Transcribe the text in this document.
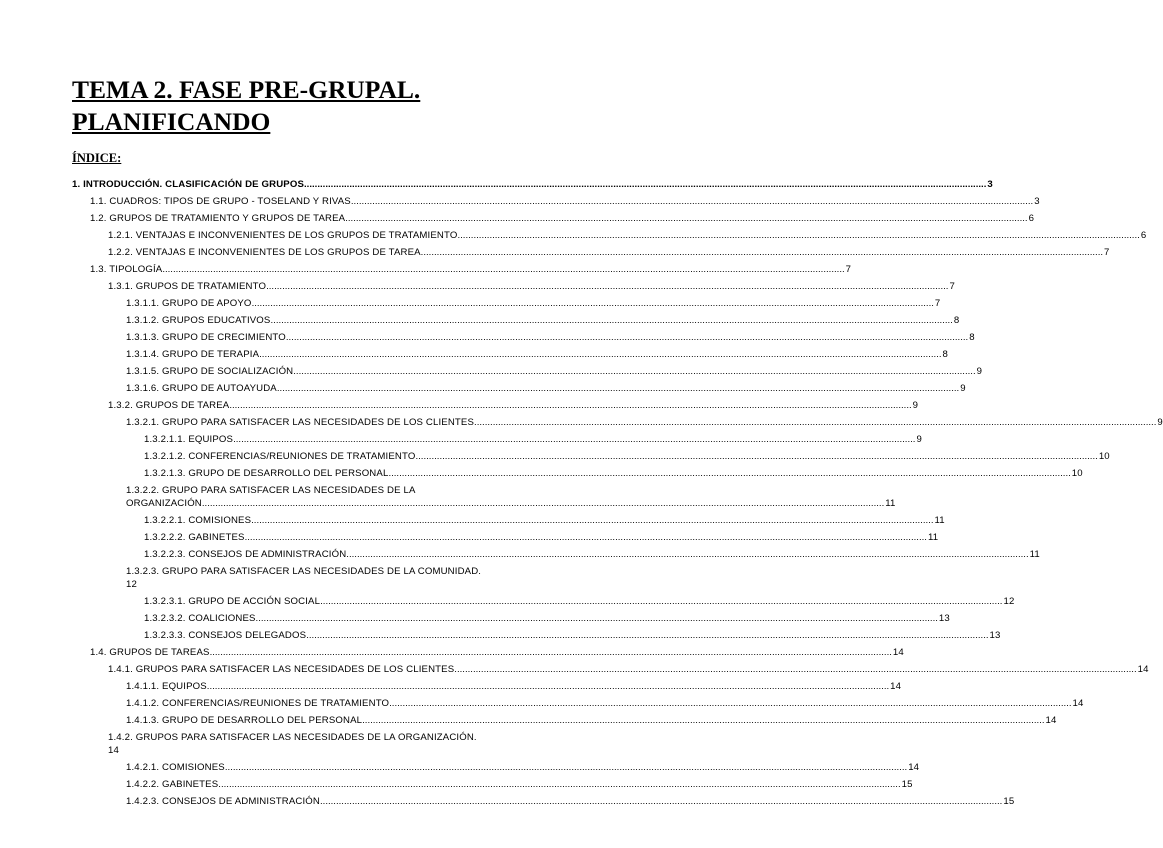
TEMA 2. FASE PRE-GRUPAL.
PLANIFICANDO
ÍNDICE:
1. INTRODUCCIÓN. CLASIFICACIÓN DE GRUPOS .....	3
1.1. CUADROS: TIPOS DE GRUPO - TOSELAND Y RIVAS .....	3
1.2. GRUPOS DE TRATAMIENTO Y GRUPOS DE TAREA .....	6
1.2.1. VENTAJAS E INCONVENIENTES DE LOS GRUPOS DE TRATAMIENTO .....	6
1.2.2. VENTAJAS E INCONVENIENTES DE LOS GRUPOS DE TAREA .....	7
1.3. TIPOLOGÍA .....	7
1.3.1. GRUPOS DE TRATAMIENTO .....	7
1.3.1.1. GRUPO DE APOYO .....	7
1.3.1.2. GRUPOS EDUCATIVOS .....	8
1.3.1.3. GRUPO DE CRECIMIENTO .....	8
1.3.1.4. GRUPO DE TERAPIA .....	8
1.3.1.5. GRUPO DE SOCIALIZACIÓN .....	9
1.3.1.6. GRUPO DE AUTOAYUDA .....	9
1.3.2. GRUPOS DE TAREA .....	9
1.3.2.1. GRUPO PARA SATISFACER LAS NECESIDADES DE LOS CLIENTES .....	9
1.3.2.1.1. EQUIPOS .....	9
1.3.2.1.2. CONFERENCIAS/REUNIONES DE TRATAMIENTO .....	10
1.3.2.1.3. GRUPO DE DESARROLLO DEL PERSONAL .....	10
1.3.2.2. GRUPO PARA SATISFACER LAS NECESIDADES DE LA
ORGANIZACIÓN .....	11
1.3.2.2.1. COMISIONES .....	11
1.3.2.2.2. GABINETES .....	11
1.3.2.2.3. CONSEJOS DE ADMINISTRACIÓN .....	11
1.3.2.3. GRUPO PARA SATISFACER LAS NECESIDADES DE LA COMUNIDAD.
12
1.3.2.3.1. GRUPO DE ACCIÓN SOCIAL .....	12
1.3.2.3.2. COALICIONES .....	13
1.3.2.3.3. CONSEJOS DELEGADOS .....	13
1.4. GRUPOS DE TAREAS .....	14
1.4.1. GRUPOS PARA SATISFACER LAS NECESIDADES DE LOS CLIENTES .....	14
1.4.1.1. EQUIPOS .....	14
1.4.1.2. CONFERENCIAS/REUNIONES DE TRATAMIENTO .....	14
1.4.1.3. GRUPO DE DESARROLLO DEL PERSONAL .....	14
1.4.2. GRUPOS PARA SATISFACER LAS NECESIDADES DE LA ORGANIZACIÓN.
14
1.4.2.1. COMISIONES .....	14
1.4.2.2. GABINETES .....	15
1.4.2.3. CONSEJOS DE ADMINISTRACIÓN .....	15
